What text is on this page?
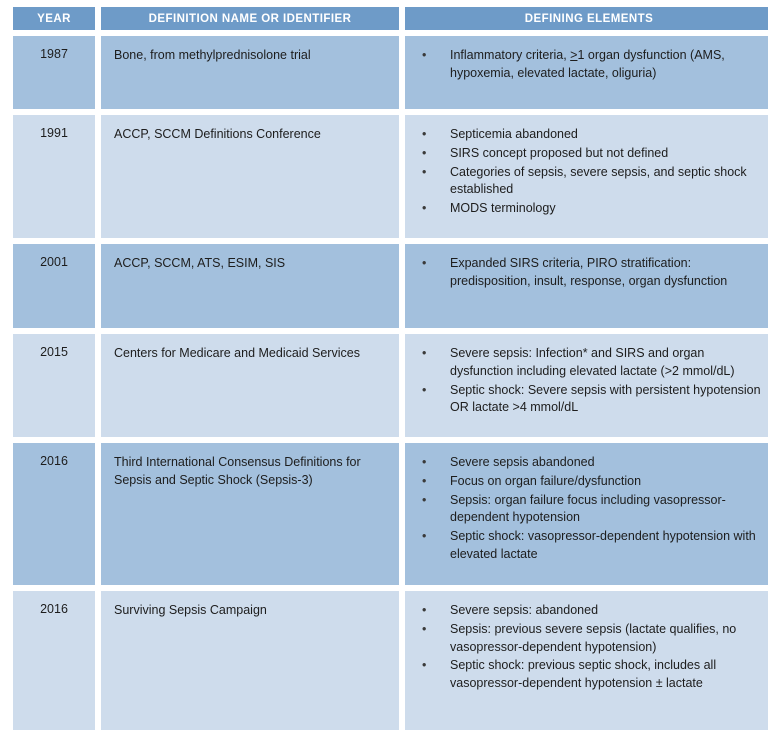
YEAR	DEFINITION NAME OR IDENTIFIER	DEFINING ELEMENTS
1987	Bone, from methylprednisolone trial	• Inflammatory criteria, >1 organ dysfunction (AMS, hypoxemia, elevated lactate, oliguria)

1991	ACCP, SCCM Definitions Conference	• Septicemia abandoned
• SIRS concept proposed but not defined
• Categories of sepsis, severe sepsis, and septic shock established
• MODS terminology

2001	ACCP, SCCM, ATS, ESIM, SIS	• Expanded SIRS criteria, PIRO stratification: predisposition, insult, response, organ dysfunction

2015	Centers for Medicare and Medicaid Services	• Severe sepsis: Infection* and SIRS and organ dysfunction including elevated lactate (>2 mmol/dL)
• Septic shock: Severe sepsis with persistent hypotension OR lactate >4 mmol/dL

2016	Third International Consensus Definitions for Sepsis and Septic Shock (Sepsis-3)	
• Severe sepsis abandoned
• Focus on organ failure/dysfunction
• Sepsis: organ failure focus including vasopressor-dependent hypotension
• Septic shock: vasopressor-dependent hypotension with elevated lactate

2016	Surviving Sepsis Campaign	• Severe sepsis: abandoned
• Sepsis: previous severe sepsis (lactate qualifies, no vasopressor-dependent hypotension)
• Septic shock: previous septic shock, includes all vasopressor-dependent hypotension ± lactate
